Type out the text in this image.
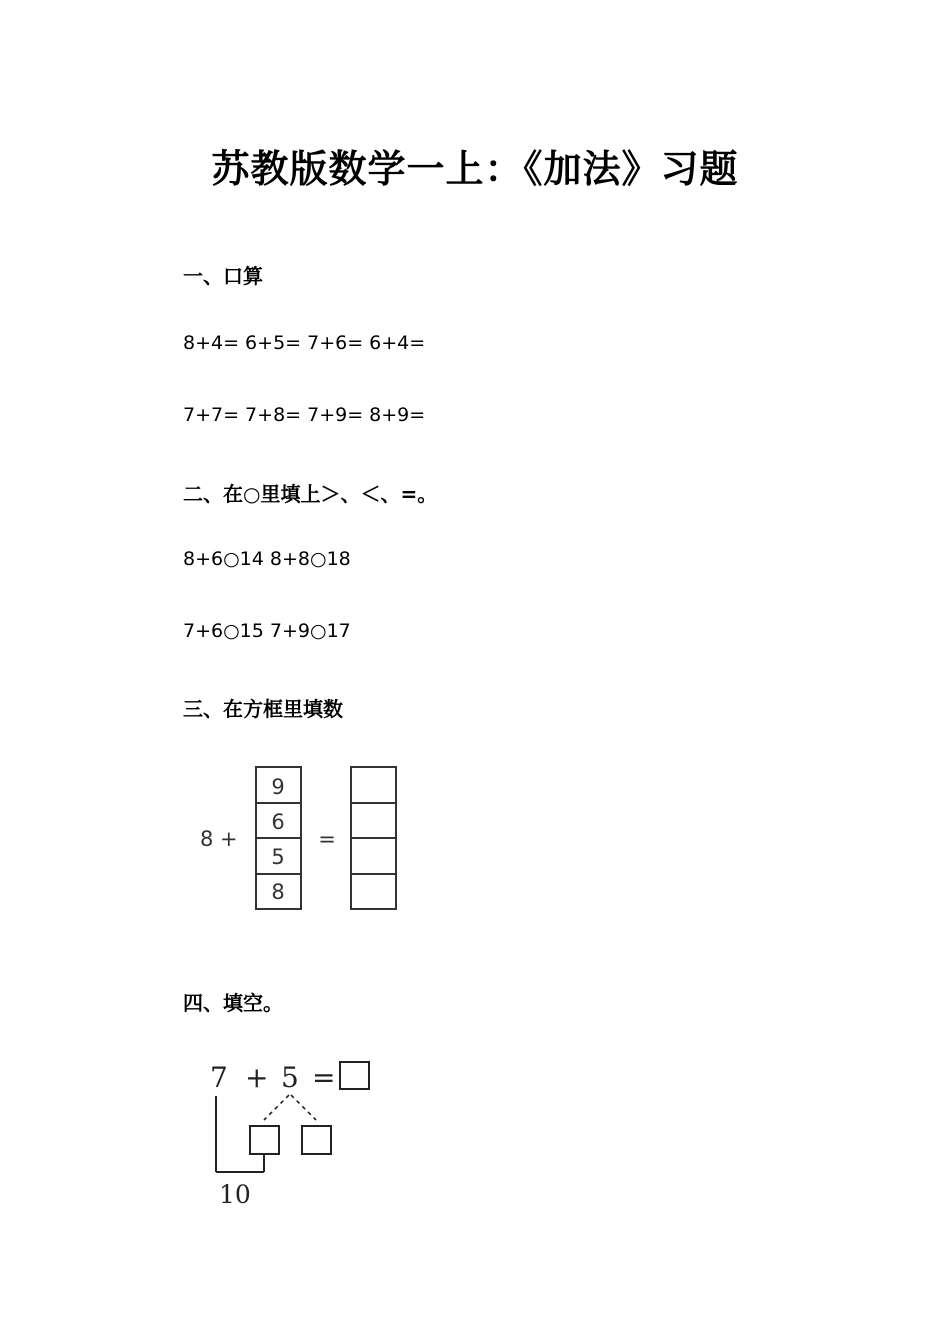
苏教版数学一上：《加法》习题
一、口算
8+4= 6+5= 7+6= 6+4=
7+7= 7+8= 7+9= 8+9=
二、在○里填上＞、＜、=。
8+6○14 8+8○18
7+6○15 7+9○17
三、在方框里填数
8 +
9
6
5
8
=
四、填空。
7 + 5 =
10
